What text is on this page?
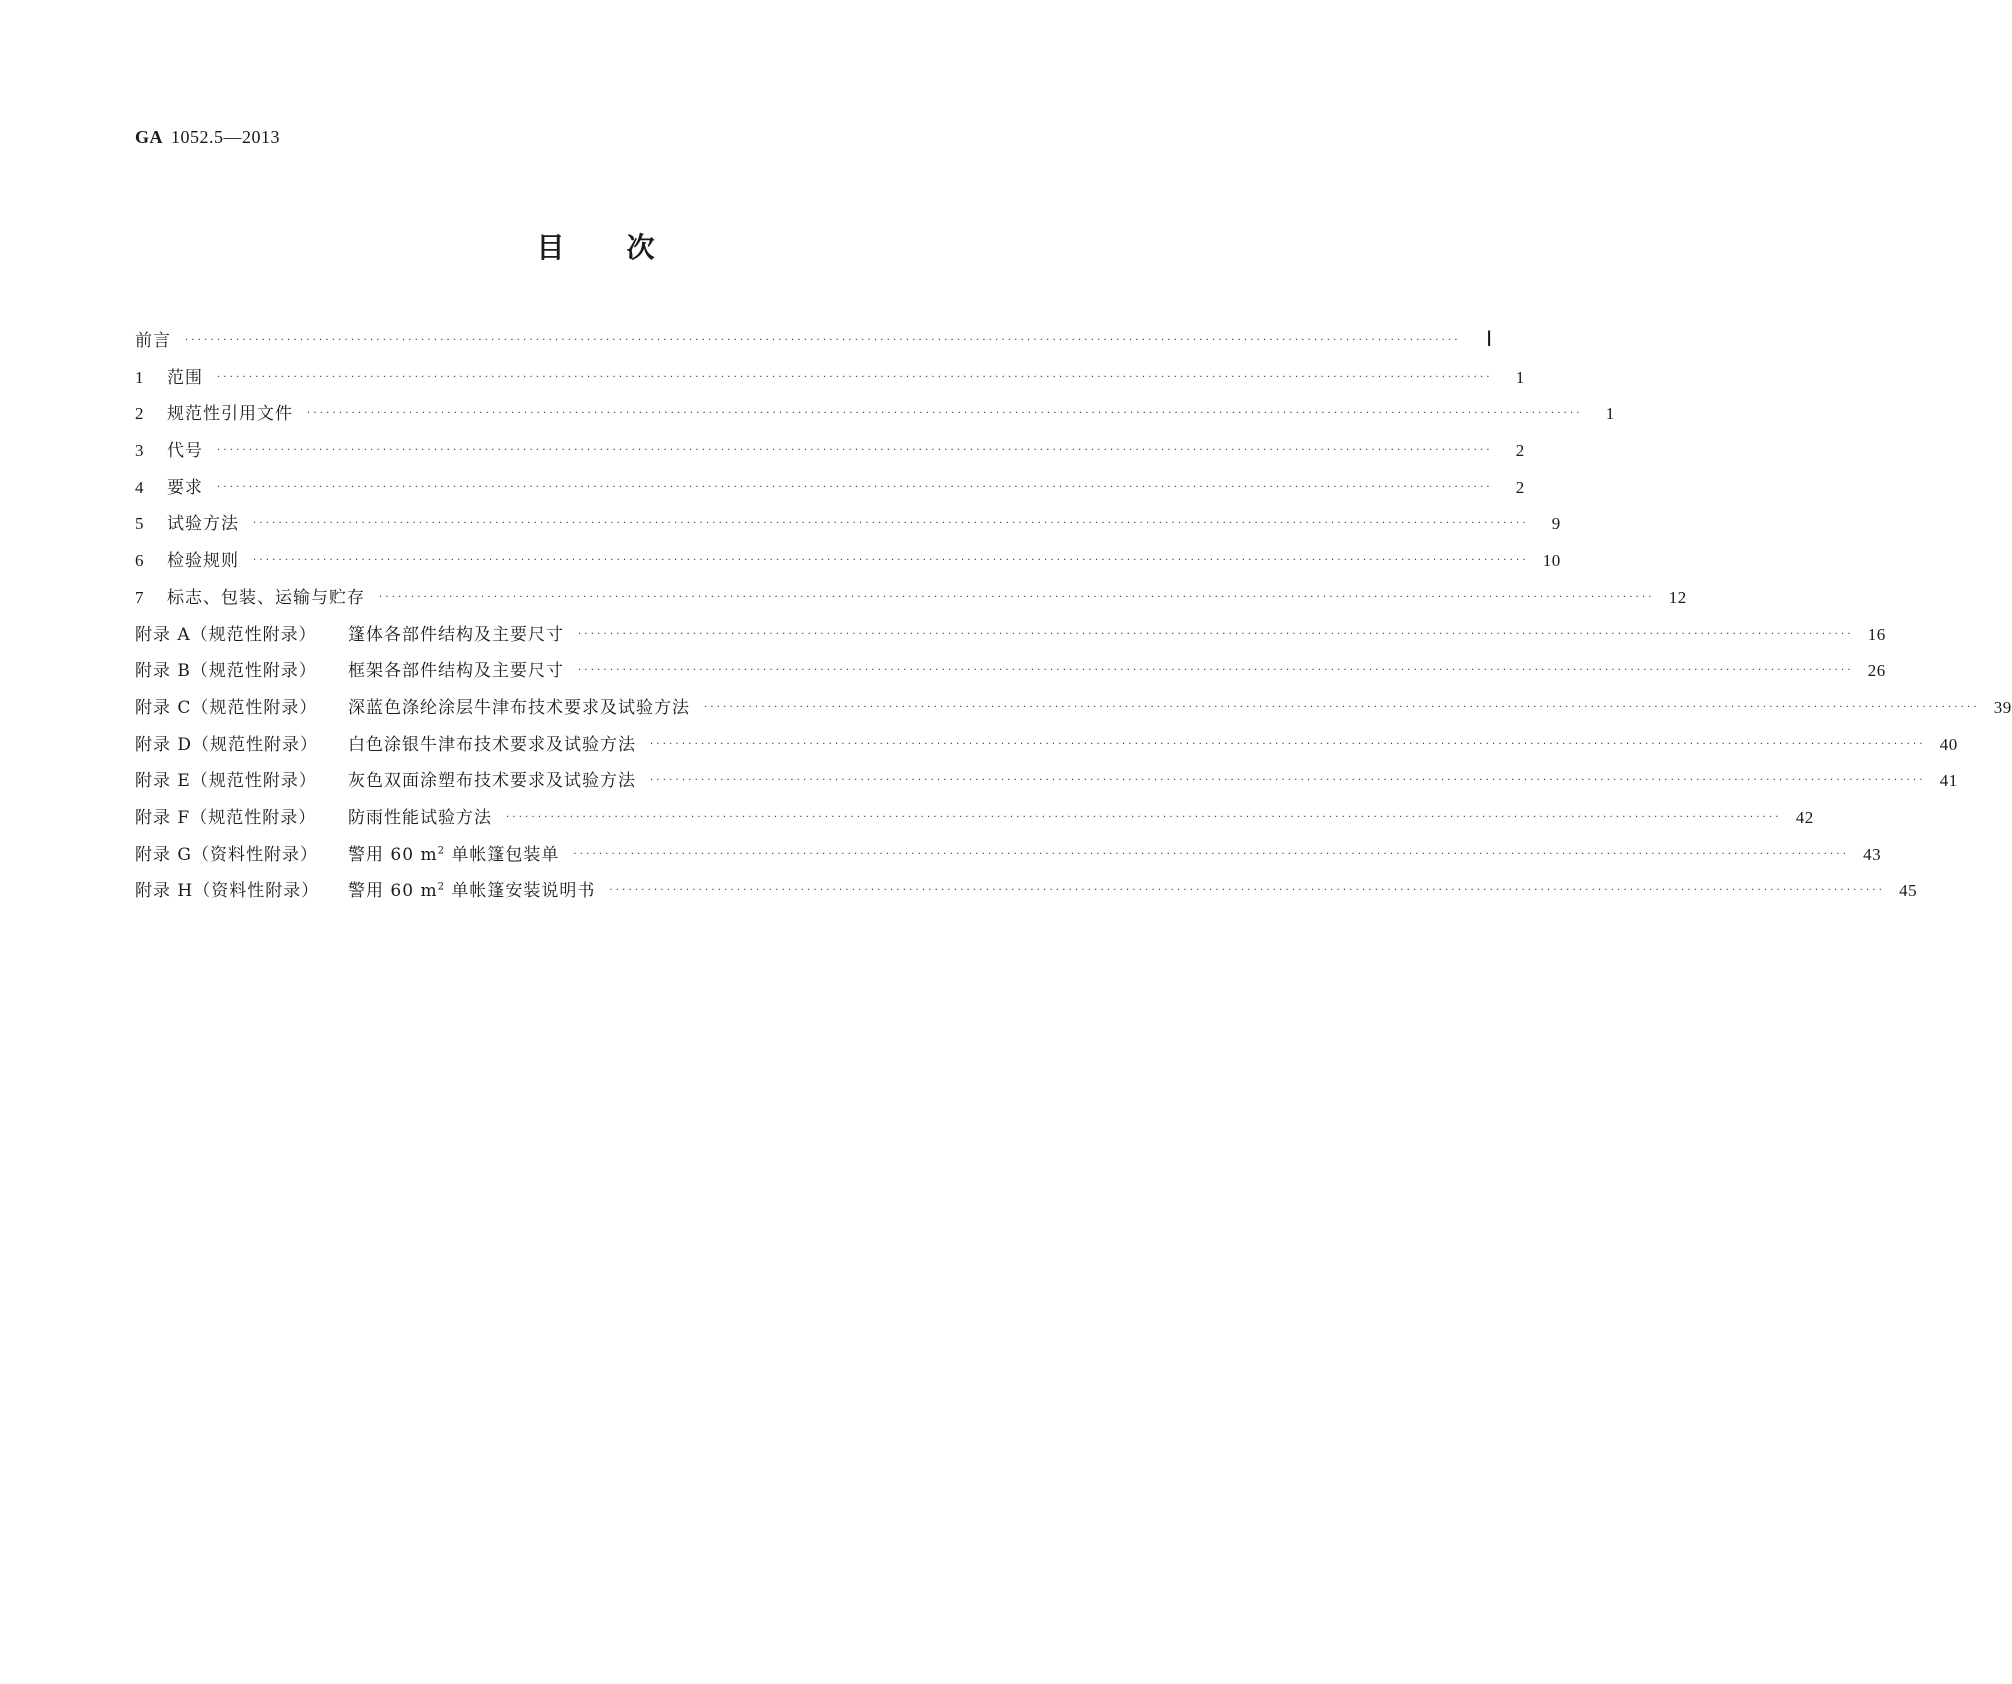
GA 1052.5—2013
目次
前言 ········································································································································································································	Ⅰ
1	范围 ········································································································································································································	1
2	规范性引用文件 ········································································································································································································	1
3	代号 ········································································································································································································	2
4	要求 ········································································································································································································	2
5	试验方法 ········································································································································································································	9
6	检验规则 ········································································································································································································ 10
7	标志、包装、运输与贮存 ········································································································································································································ 12
附录 A（规范性附录） 篷体各部件结构及主要尺寸 ········································································································································································································ 16
附录 B（规范性附录） 框架各部件结构及主要尺寸 ········································································································································································································ 26
附录 C（规范性附录） 深蓝色涤纶涂层牛津布技术要求及试验方法 ········································································································································································································ 39
附录 D（规范性附录） 白色涂银牛津布技术要求及试验方法 ········································································································································································································ 40
附录 E（规范性附录） 灰色双面涂塑布技术要求及试验方法 ········································································································································································································ 41
附录 F（规范性附录） 防雨性能试验方法 ········································································································································································································ 42
附录 G（资料性附录） 警用 60 $m^2$ 单帐篷包装单 ········································································································································································································ 43
附录 H（资料性附录） 警用 60 $m^2$ 单帐篷安装说明书 ········································································································································································································ 45
